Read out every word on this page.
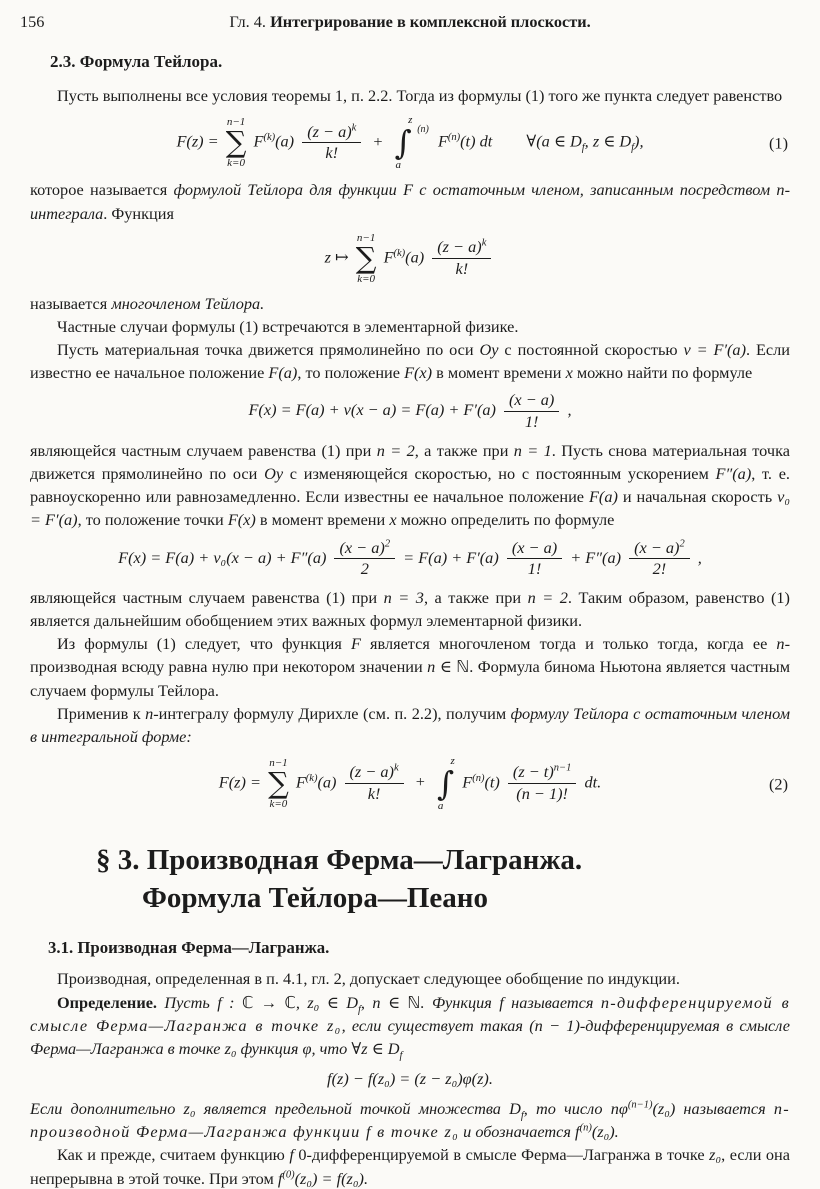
156	Гл. 4. Интегрирование в комплексной плоскости.
2.3. Формула Тейлора.

Пусть выполнены все условия теоремы 1, п. 2.2. Тогда из формулы (1) того же пункта следует равенство

F(z) =
n−1
∑
k=0
$F^{(k)}(a) \frac{(z - a)^k}{k!}$ +
z
(n)
∫
a
$F^{(n)}(t)$ dt ∀(a ∈ $D_f$, z ∈ $D_f$),	(1)

которое называется формулой Тейлора для функции F с остаточным членом, записанным посредством n-интеграла. Функция

z ↦
n−1
∑
k=0
$F^{(k)}(a) \frac{(z - a)^k}{k!}$

называется многочленом Тейлора.

Частные случаи формулы (1) встречаются в элементарной физике.

Пусть материальная точка движется прямолинейно по оси Oy с постоянной скоростью v = F′(a). Если известно ее начальное положение F(a), то положение F(x) в момент времени x можно найти по формуле

$F(x) = F(a) + v(x - a) = F(a) + F'(a) \frac{(x - a)}{1!}$ ,

являющейся частным случаем равенства (1) при n = 2, а также при n = 1. Пусть снова материальная точка движется прямолинейно по оси Oy с изменяющейся скоростью, но с постоянным ускорением F″(a), т. е. равноускоренно или равнозамедленно. Если известны ее начальное положение F(a) и начальная скорость v₀ = F′(a), то положение точки F(x) в момент времени x можно определить по формуле

$F(x) = F(a) + v_0(x - a) + F''(a) \frac{(x - a)^2}{2} = F(a) + F'(a) \frac{(x - a)}{1!} + F''(a) \frac{(x - a)^2}{2!}$ ,

являющейся частным случаем равенства (1) при n = 3, а также при n = 2. Таким образом, равенство (1) является дальнейшим обобщением этих важных формул элементарной физики.

Из формулы (1) следует, что функция F является многочленом тогда и только тогда, когда ее n-производная всюду равна нулю при некотором значении n ∈ ℕ. Формула бинома Ньютона является частным случаем формулы Тейлора.

Применив к n-интегралу формулу Дирихле (см. п. 2.2), получим формулу Тейлора с остаточным членом в интегральной форме:

F(z) =
n−1
∑
k=0
$F^{(k)}(a) \frac{(z - a)^k}{k!}$ +
z
∫
a
$F^{(n)}(t) \frac{(z - t)^{n-1}}{(n - 1)!}$ dt.	(2)
§ 3. Производная Ферма—Лагранжа.
Формула Тейлора—Пеано
3.1. Производная Ферма—Лагранжа.

Производная, определенная в п. 4.1, гл. 2, допускает следующее обобщение по индукции.

Определение. Пусть f : ℂ → ℂ, z₀ ∈ $D_f$, n ∈ ℕ. Функция f называется n-дифференцируемой в смысле Ферма—Лагранжа в точке z₀, если существует такая (n − 1)-дифференцируемая в смысле Ферма—Лагранжа в точке z₀ функция φ, что ∀z ∈ $D_f$

f(z) − f(z₀) = (z − z₀)φ(z).

Если дополнительно z₀ является предельной точкой множества $D_f$, то число $n\varphi^{(n-1)}(z_0)$ называется n-производной Ферма—Лагранжа функции f в точке z₀ и обозначается $f^{(n)}(z_0)$.

Как и прежде, считаем функцию f 0-дифференцируемой в смысле Ферма—Лагранжа в точке z₀, если она непрерывна в этой точке. При этом $f^{(0)}(z_0) = f(z_0)$.
